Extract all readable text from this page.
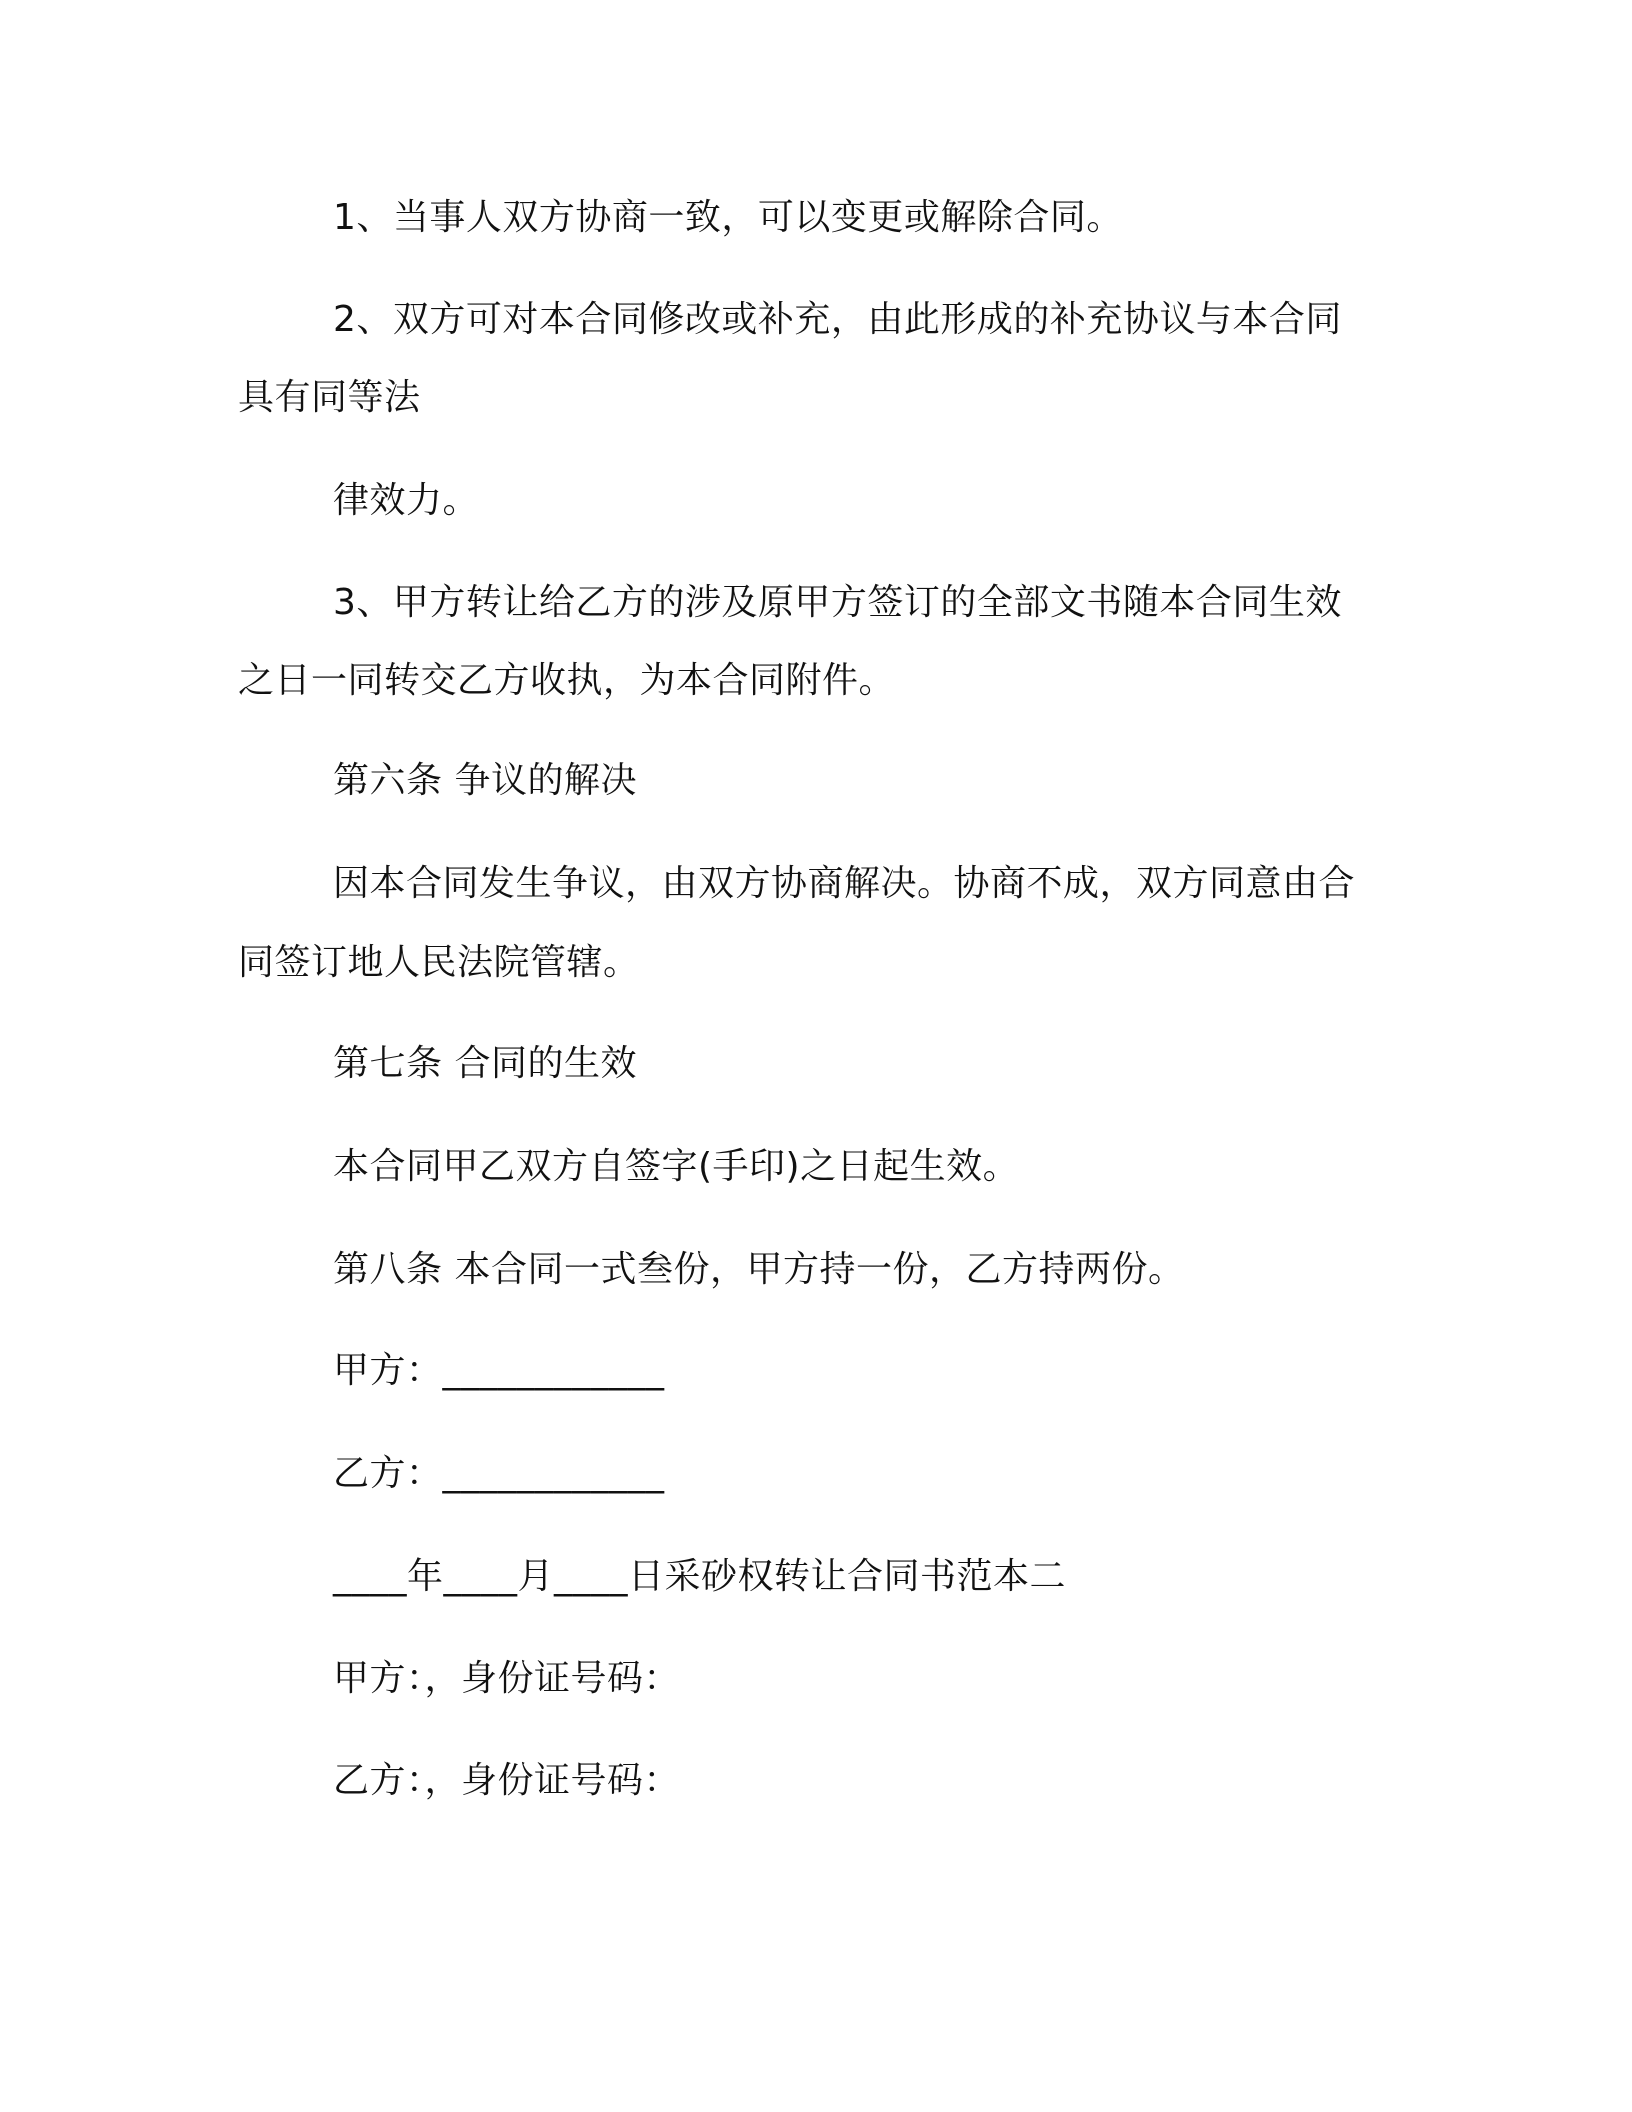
1、当事人双方协商一致，可以变更或解除合同。
2、双方可对本合同修改或补充，由此形成的补充协议与本合同
具有同等法
律效力。
3、甲方转让给乙方的涉及原甲方签订的全部文书随本合同生效
之日一同转交乙方收执，为本合同附件。
第六条 争议的解决
因本合同发生争议，由双方协商解决。协商不成，双方同意由合
同签订地人民法院管辖。
第七条 合同的生效
本合同甲乙双方自签字(手印)之日起生效。
第八条 本合同一式叁份，甲方持一份，乙方持两份。
甲方：____________
乙方：____________
____年____月____日采砂权转让合同书范本二
甲方：，身份证号码：
乙方：，身份证号码：
